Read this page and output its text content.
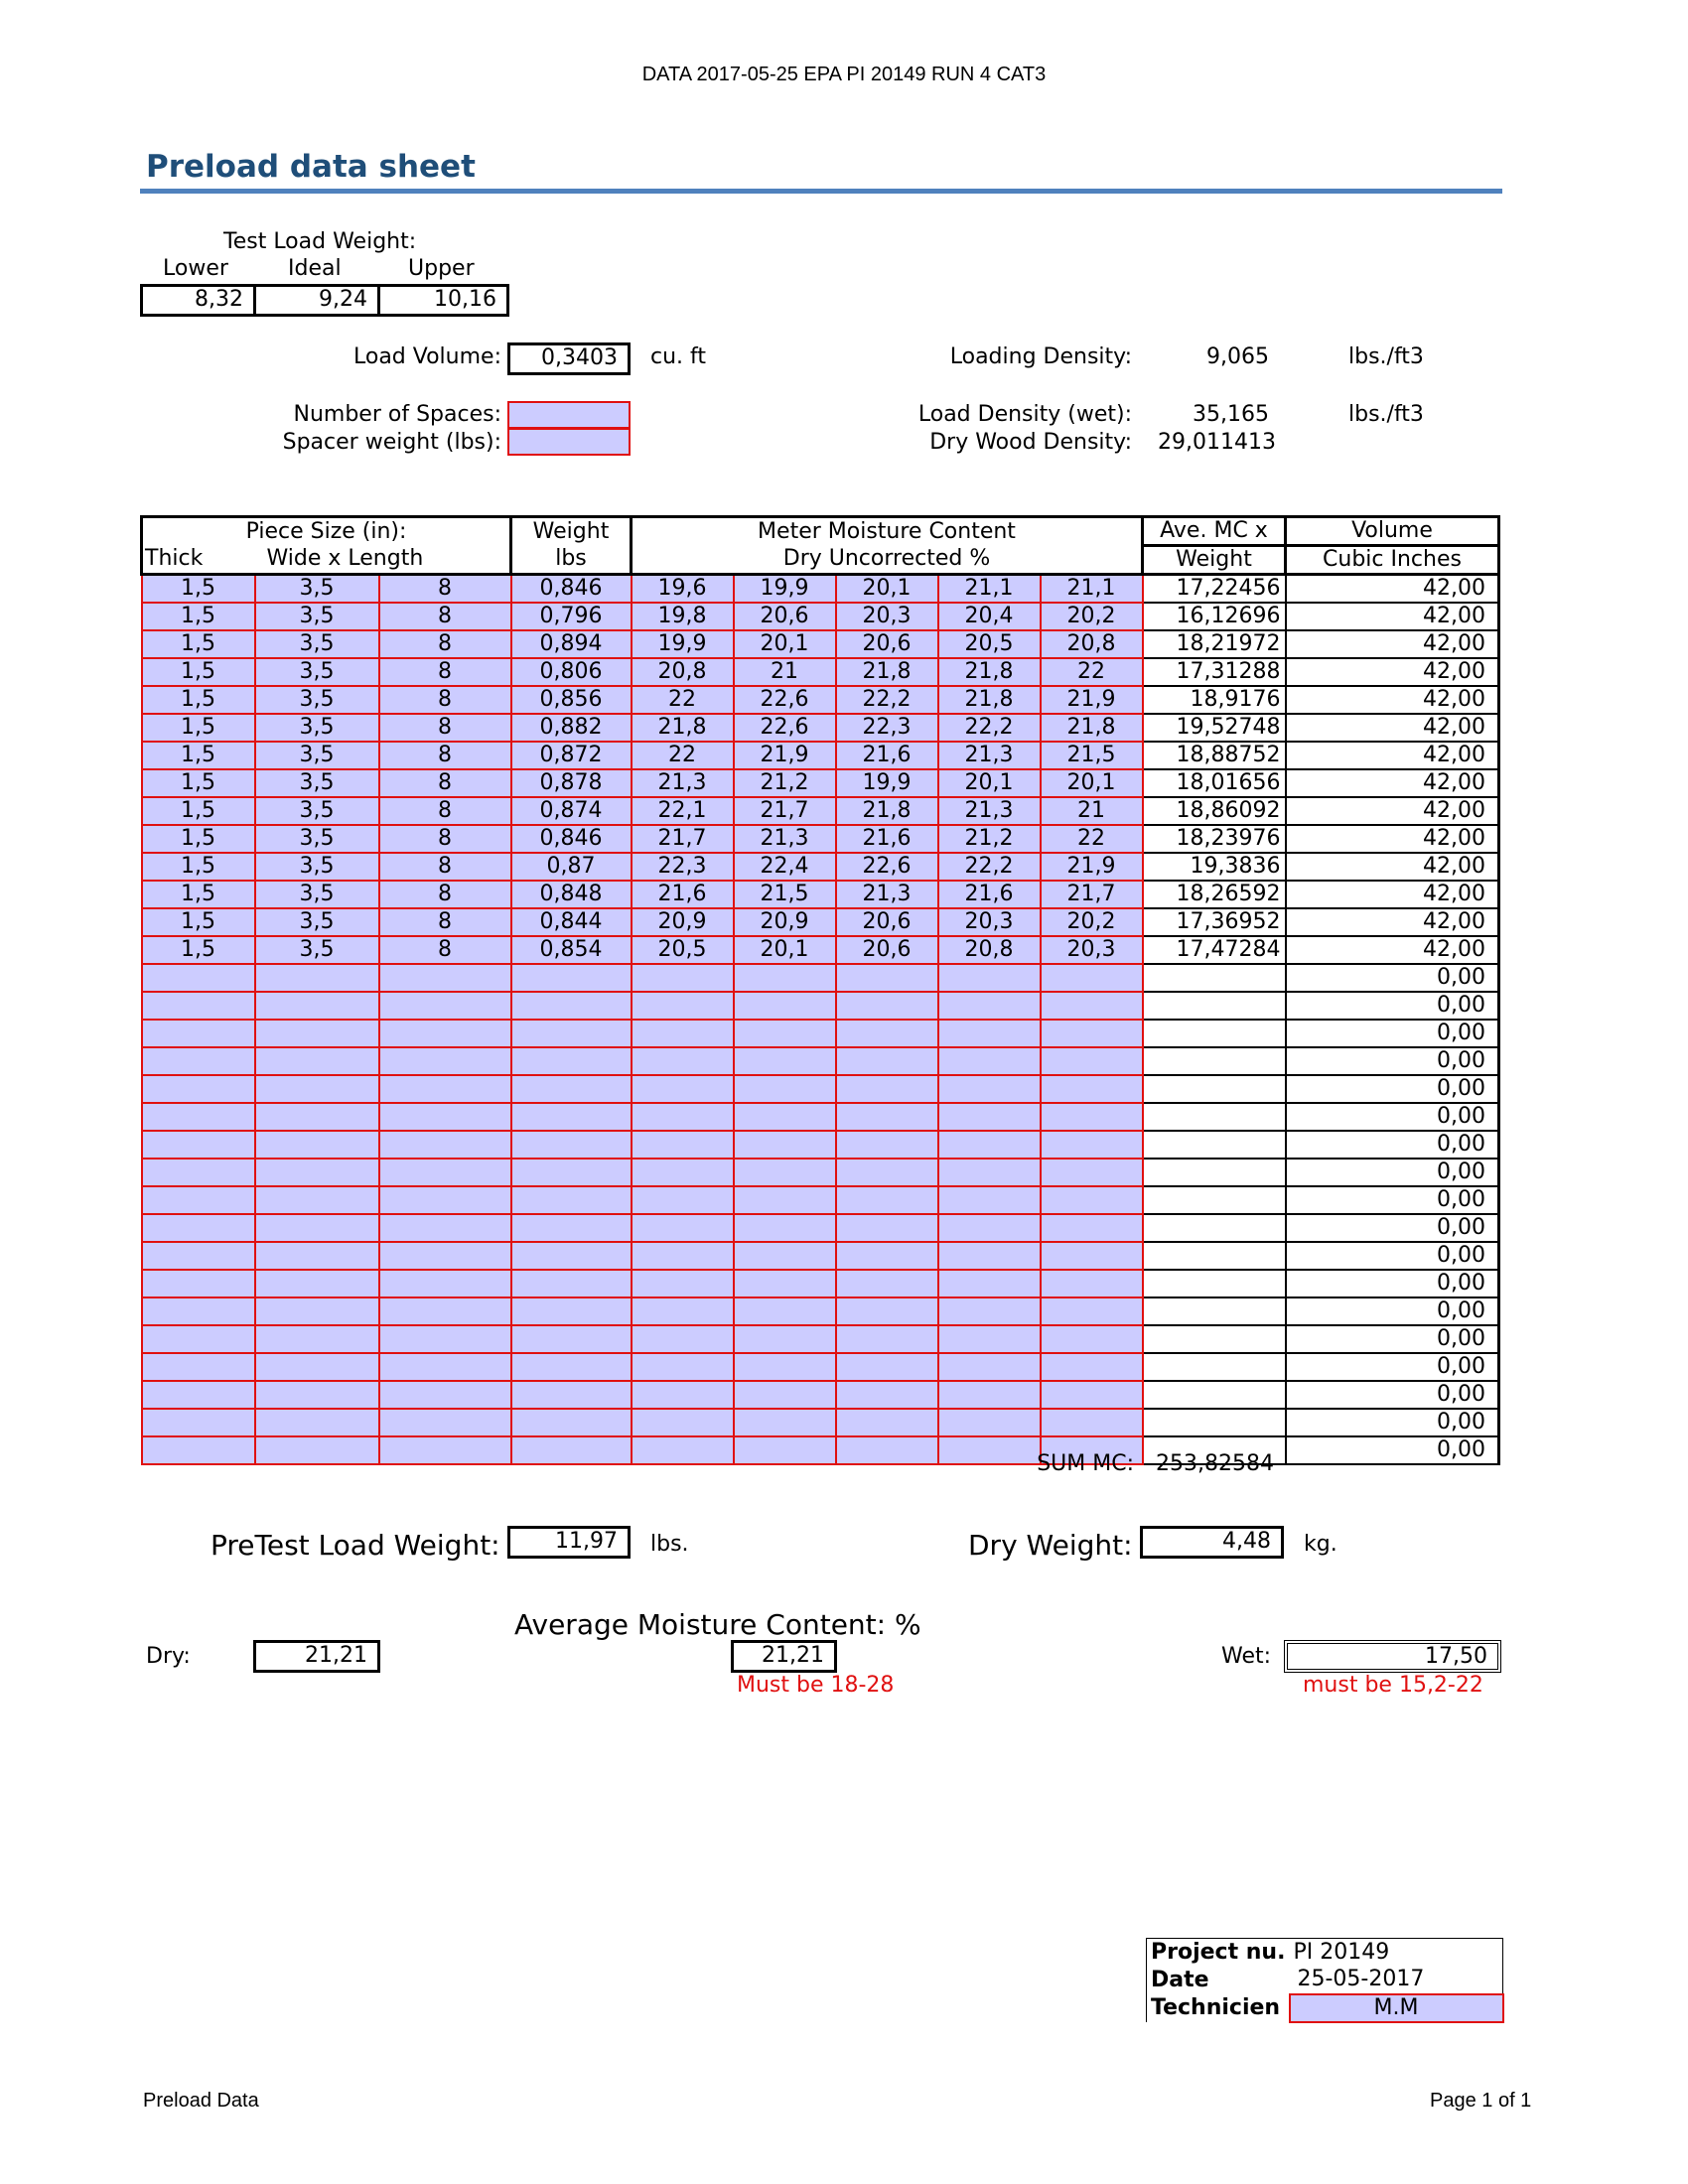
DATA 2017-05-25 EPA PI 20149 RUN 4 CAT3
Preload data sheet
Test Load Weight:
Lower	Ideal	Upper
8,32	9,24	10,16
Load Volume:	0,3403	cu. ft	Loading Density:	9,065	lbs./ft3
Number of Spaces:
Spacer weight (lbs):
Load Density (wet):	35,165	lbs./ft3
Dry Wood Density: 29,011413
Piece Size (in):			Weight	Meter Moisture Content					Ave. MC x	Volume
Thick	Wide x Length		lbs	Dry Uncorrected %					Weight	Cubic Inches
1,5	3,5	8	0,846	19,6	19,9	20,1	21,1	21,1	17,22456	42,00
1,5	3,5	8	0,796	19,8	20,6	20,3	20,4	20,2	16,12696	42,00
1,5	3,5	8	0,894	19,9	20,1	20,6	20,5	20,8	18,21972	42,00
1,5	3,5	8	0,806	20,8	21	21,8	21,8	22	17,31288	42,00
1,5	3,5	8	0,856	22	22,6	22,2	21,8	21,9	18,9176	42,00
1,5	3,5	8	0,882	21,8	22,6	22,3	22,2	21,8	19,52748	42,00
1,5	3,5	8	0,872	22	21,9	21,6	21,3	21,5	18,88752	42,00
1,5	3,5	8	0,878	21,3	21,2	19,9	20,1	20,1	18,01656	42,00
1,5	3,5	8	0,874	22,1	21,7	21,8	21,3	21	18,86092	42,00
1,5	3,5	8	0,846	21,7	21,3	21,6	21,2	22	18,23976	42,00
1,5	3,5	8	0,87	22,3	22,4	22,6	22,2	21,9	19,3836	42,00
1,5	3,5	8	0,848	21,6	21,5	21,3	21,6	21,7	18,26592	42,00
1,5	3,5	8	0,844	20,9	20,9	20,6	20,3	20,2	17,36952	42,00
1,5	3,5	8	0,854	20,5	20,1	20,6	20,8	20,3	17,47284	42,00
										0,00
										0,00
										0,00
										0,00
										0,00
										0,00
										0,00
										0,00
										0,00
										0,00
										0,00
										0,00
										0,00
										0,00
										0,00
										0,00
										0,00
										0,00
SUM MC: 253,82584
PreTest Load Weight:	11,97	lbs.	Dry Weight:	4,48	kg.
Average Moisture Content: %
Dry:	21,21	21,21
Must be 18-28
Wet:	17,50
must be 15,2-22
Project nu.	PI 20149
Date	25-05-2017
Technicien	M.M
Preload Data	Page 1 of 1
